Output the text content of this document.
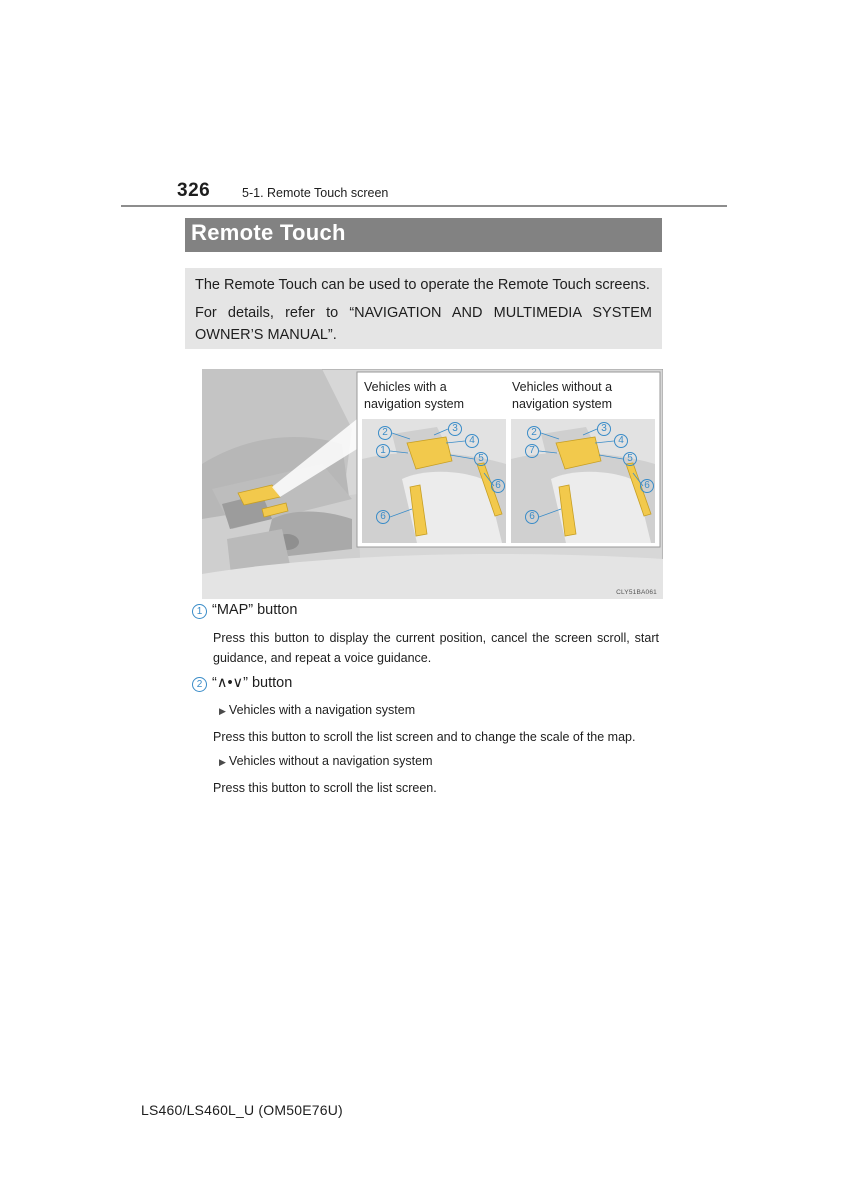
326	5-1. Remote Touch screen
Remote Touch

The Remote Touch can be used to operate the Remote Touch screens.

For details, refer to “NAVIGATION AND MULTIMEDIA SYSTEM OWNER’S MANUAL”.

Vehicles with a
navigation system
Vehicles without a
navigation system
2	3
4
1
5
6
6
2	3
4
7
5
6
6
CLY51BA061
1 “MAP” button
Press this button to display the current position, cancel the screen scroll, start guidance, and repeat a voice guidance.
2 “∧•∨” button
▶ Vehicles with a navigation system
Press this button to scroll the list screen and to change the scale of the map.
▶ Vehicles without a navigation system
Press this button to scroll the list screen.
LS460/LS460L_U (OM50E76U)
